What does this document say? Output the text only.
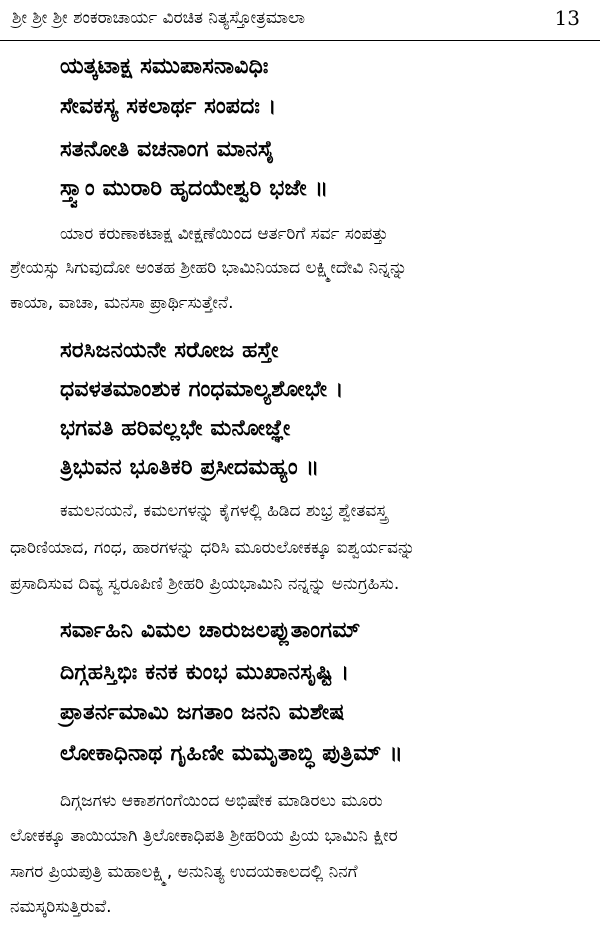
ಶ್ರೀ ಶ್ರೀ ಶ್ರೀ ಶಂಕರಾಚಾರ್ಯ ವಿರಚಿತ ನಿತ್ಯಸ್ತೋತ್ರಮಾಲಾ	13
ಯತ್ಕಟಾಕ್ಷ ಸಮುಪಾಸನಾವಿಧಿಃ
ಸೇವಕಸ್ಯ ಸಕಲಾರ್ಥ ಸಂಪದಃ ।
ಸತನೋತಿ ವಚನಾಂಗ ಮಾನಸೈ
ಸ್ತ್ವಾಂ ಮುರಾರಿ ಹೃದಯೇಶ್ವರಿ ಭಜೇ ॥
ಯಾರ ಕರುಣಾಕಟಾಕ್ಷ ವೀಕ್ಷಣೆಯಿಂದ ಆರ್ತರಿಗೆ ಸರ್ವ ಸಂಪತ್ತು
ಶ್ರೇಯಸ್ಸು ಸಿಗುವುದೋ ಅಂತಹ ಶ್ರೀಹರಿ ಭಾಮಿನಿಯಾದ ಲಕ್ಷ್ಮೀದೇವಿ ನಿನ್ನನ್ನು
ಕಾಯಾ, ವಾಚಾ, ಮನಸಾ ಪ್ರಾರ್ಥಿಸುತ್ತೇನೆ.
ಸರಸಿಜನಯನೇ ಸರೋಜ ಹಸ್ತೇ
ಧವಳತಮಾಂಶುಕ ಗಂಧಮಾಲ್ಯಶೋಭೇ ।
ಭಗವತಿ ಹರಿವಲ್ಲಭೇ ಮನೋಜ್ಞೇ
ತ್ರಿಭುವನ ಭೂತಿಕರಿ ಪ್ರಸೀದಮಹ್ಯಂ ॥
ಕಮಲನಯನೆ, ಕಮಲಗಳನ್ನು ಕೈಗಳಲ್ಲಿ ಹಿಡಿದ ಶುಭ್ರ ಶ್ವೇತವಸ್ತ್ರ
ಧಾರಿಣಿಯಾದ, ಗಂಧ, ಹಾರಗಳನ್ನು ಧರಿಸಿ ಮೂರುಲೋಕಕ್ಕೂ ಐಶ್ವರ್ಯವನ್ನು
ಪ್ರಸಾದಿಸುವ ದಿವ್ಯ ಸ್ವರೂಪಿಣಿ ಶ್ರೀಹರಿ ಪ್ರಿಯಭಾಮಿನಿ ನನ್ನನ್ನು ಅನುಗ್ರಹಿಸು.
ಸರ್ವಾಹಿನಿ ವಿಮಲ ಚಾರುಜಲಪ್ಲುತಾಂಗಮ್
ದಿಗ್ಗಹಸ್ತಿಭಿಃ ಕನಕ ಕುಂಭ ಮುಖಾನಸೃಷ್ಟಿ ।
ಪ್ರಾತರ್ನಮಾಮಿ ಜಗತಾಂ ಜನನಿ ಮಶೇಷ
ಲೋಕಾಧಿನಾಥ ಗೃಹಿಣೀ ಮಮೃತಾಬ್ಧಿ ಪುತ್ರಿಮ್ ॥
ದಿಗ್ಗಜಗಳು ಆಕಾಶಗಂಗೆಯಿಂದ ಅಭಿಷೇಕ ಮಾಡಿರಲು ಮೂರು
ಲೋಕಕ್ಕೂ ತಾಯಿಯಾಗಿ ತ್ರಿಲೋಕಾಧಿಪತಿ ಶ್ರೀಹರಿಯ ಪ್ರಿಯ ಭಾಮಿನಿ ಕ್ಷೀರ
ಸಾಗರ ಪ್ರಿಯಪುತ್ರಿ ಮಹಾಲಕ್ಷ್ಮಿ, ಅನುನಿತ್ಯ ಉದಯಕಾಲದಲ್ಲಿ ನಿನಗೆ
ನಮಸ್ಕರಿಸುತ್ತಿರುವೆ.
